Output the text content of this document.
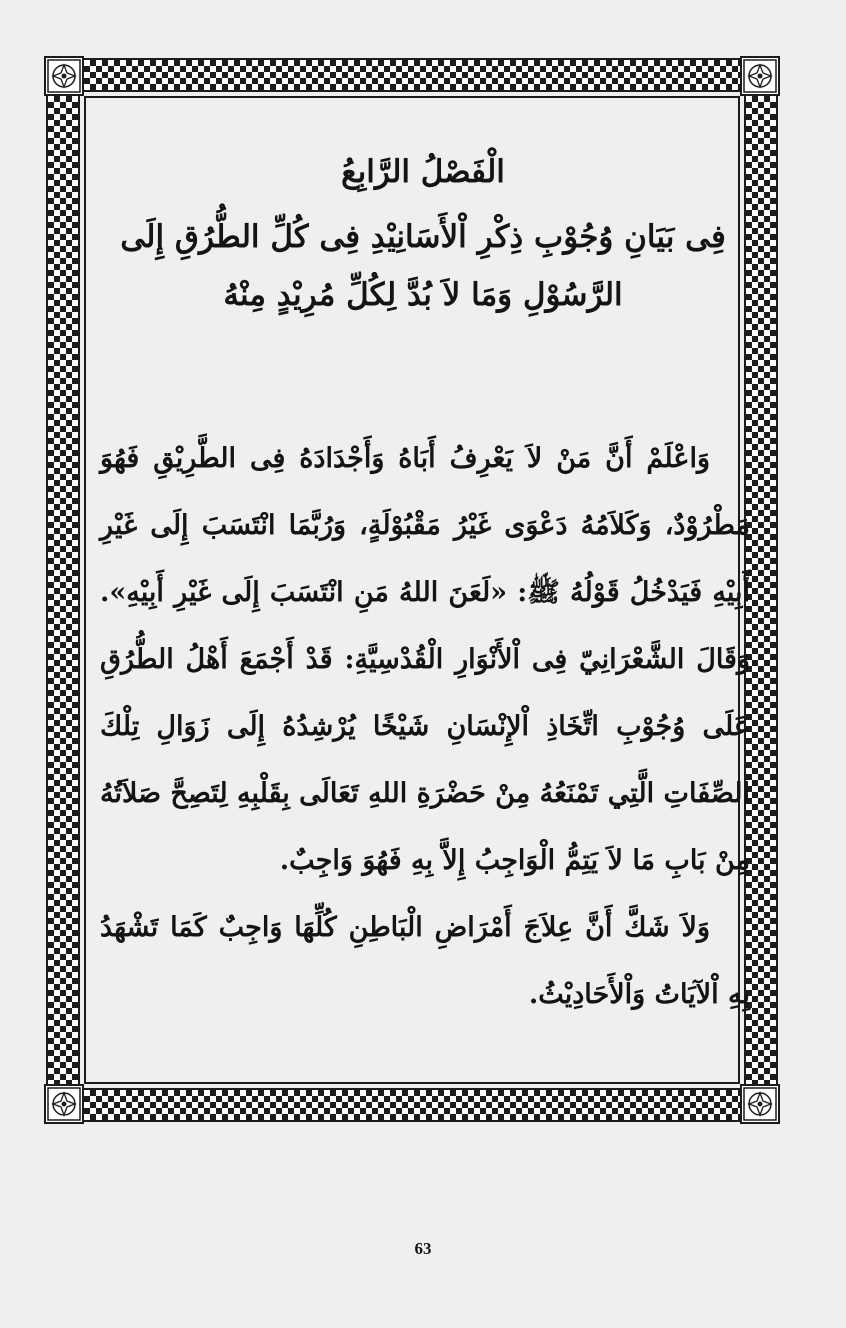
الْفَصْلُ الرَّابِعُ
فِى بَيَانِ وُجُوْبِ ذِكْرِ اْلأَسَانِيْدِ فِى كُلِّ الطُّرُقِ إِلَى الرَّسُوْلِ وَمَا لاَ بُدَّ لِكُلِّ مُرِيْدٍ مِنْهُ

وَاعْلَمْ أَنَّ مَنْ لاَ يَعْرِفُ أَبَاهُ وَأَجْدَادَهُ فِى الطَّرِيْقِ فَهُوَ مَطْرُوْدٌ، وَكَلاَمُهُ دَعْوَى غَيْرُ مَقْبُوْلَةٍ، وَرُبَّمَا انْتَسَبَ إِلَى غَيْرِ أَبِيْهِ فَيَدْخُلُ قَوْلُهُ ﷺ: «لَعَنَ اللهُ مَنِ انْتَسَبَ إِلَى غَيْرِ أَبِيْهِ». وَقَالَ الشَّعْرَانِيّ فِى اْلأَنْوَارِ الْقُدْسِيَّةِ: قَدْ أَجْمَعَ أَهْلُ الطُّرُقِ عَلَى وُجُوْبِ اتِّخَاذِ اْلإِنْسَانِ شَيْخًا يُرْشِدُهُ إِلَى زَوَالِ تِلْكَ الصِّفَاتِ الَّتِي تَمْنَعُهُ مِنْ حَضْرَةِ اللهِ تَعَالَى بِقَلْبِهِ لِتَصِحَّ صَلاَتُهُ مِنْ بَابِ مَا لاَ يَتِمُّ الْوَاجِبُ إِلاَّ بِهِ فَهُوَ وَاجِبٌ.

وَلاَ شَكَّ أَنَّ عِلاَجَ أَمْرَاضِ الْبَاطِنِ كُلِّهَا وَاجِبٌ كَمَا تَشْهَدُ بِهِ اْلآيَاتُ وَاْلأَحَادِيْثُ.

63
